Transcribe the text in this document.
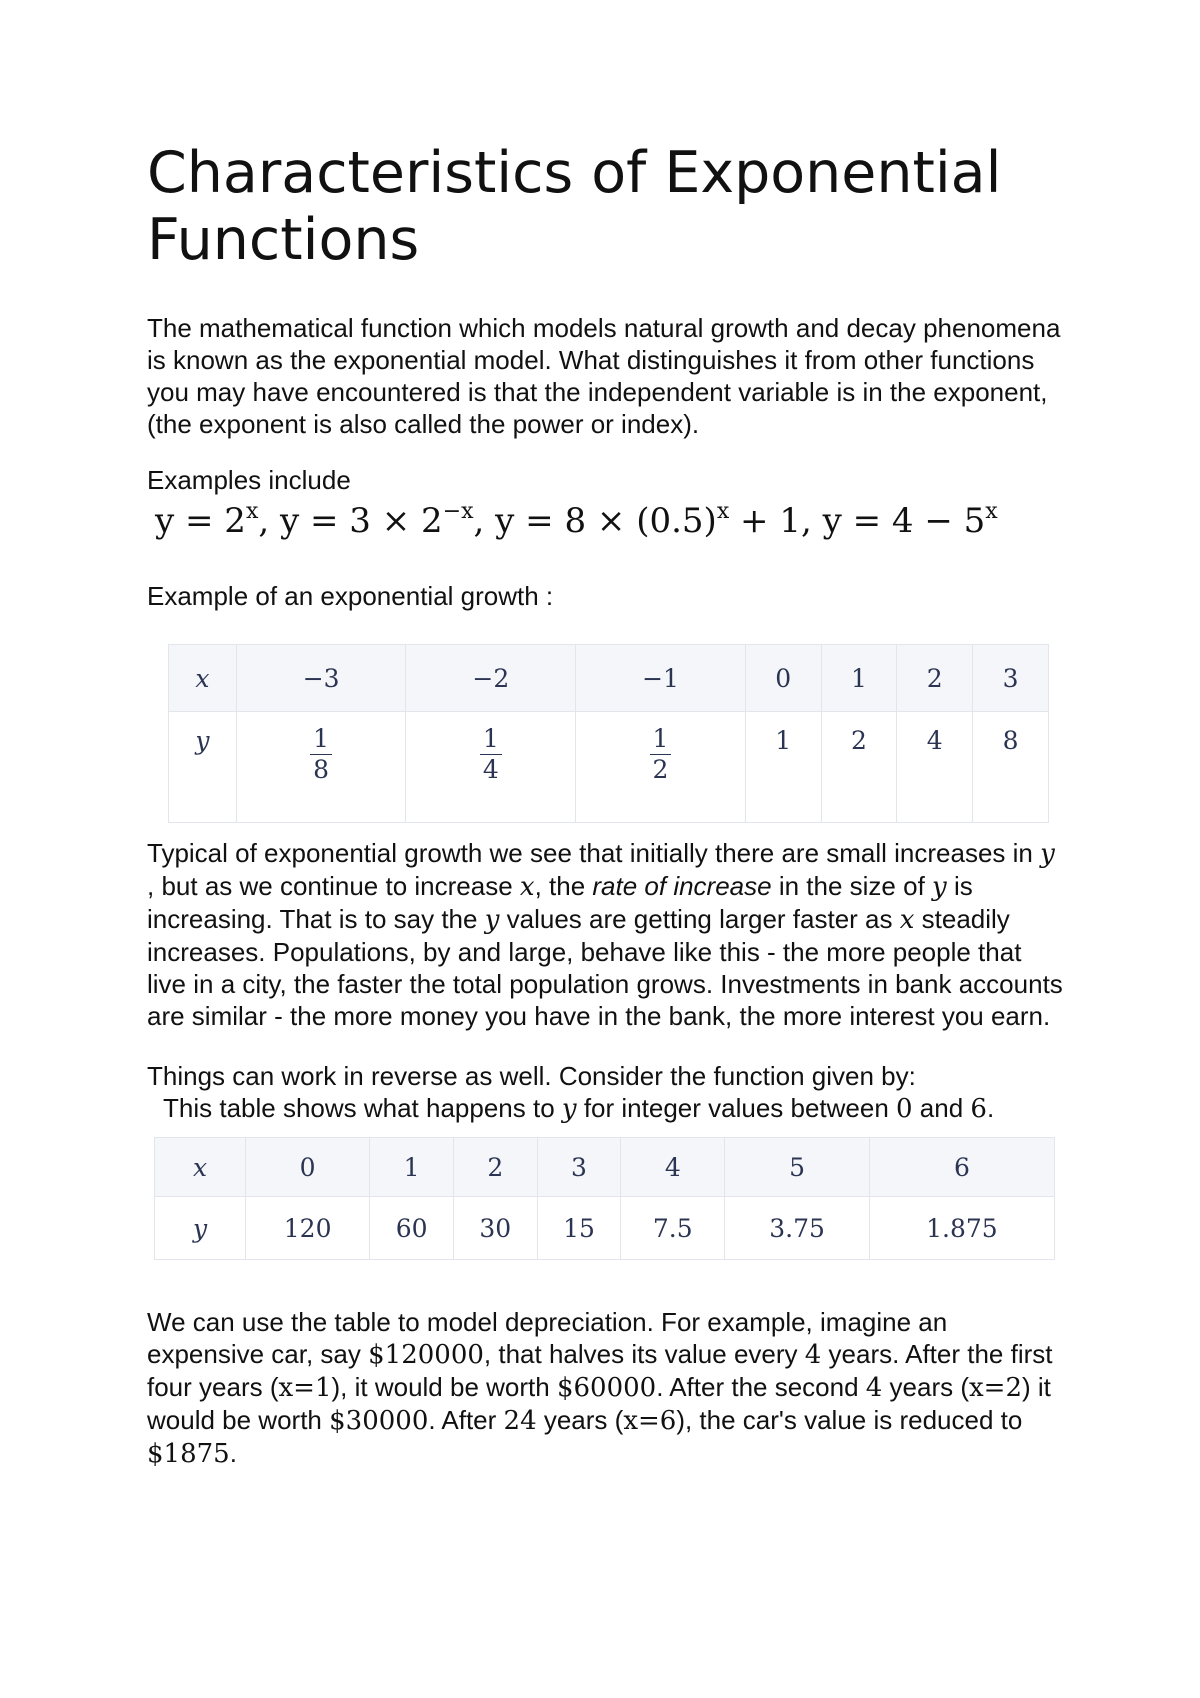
Characteristics of Exponential Functions

The mathematical function which models natural growth and decay phenomena is known as the exponential model. What distinguishes it from other functions you may have encountered is that the independent variable is in the exponent, (the exponent is also called the power or index).

Examples include

$y = 2^x$, $y = 3 \times 2^{-x}$, $y = 8 \times (0.5)^x + 1$, $y = 4 - 5^x$

Example of an exponential growth :

x	−3	−2	−1	0	1	2	3
y	$\frac{1}{8}$	$\frac{1}{4}$	$\frac{1}{2}$	1	2	4	8

Typical of exponential growth we see that initially there are small increases in y , but as we continue to increase x, the rate of increase in the size of y is increasing. That is to say the y values are getting larger faster as x steadily increases. Populations, by and large, behave like this - the more people that live in a city, the faster the total population grows. Investments in bank accounts are similar - the more money you have in the bank, the more interest you earn.

Things can work in reverse as well. Consider the function given by:

This table shows what happens to y for integer values between 0 and 6.

x	0	1	2	3	4	5	6
y	120	60	30	15	7.5	3.75	1.875

We can use the table to model depreciation. For example, imagine an expensive car, say $120000, that halves its value every 4 years. After the first four years (x=1), it would be worth $60000. After the second 4 years (x=2) it would be worth $30000. After 24 years (x=6), the car's value is reduced to $1875.
